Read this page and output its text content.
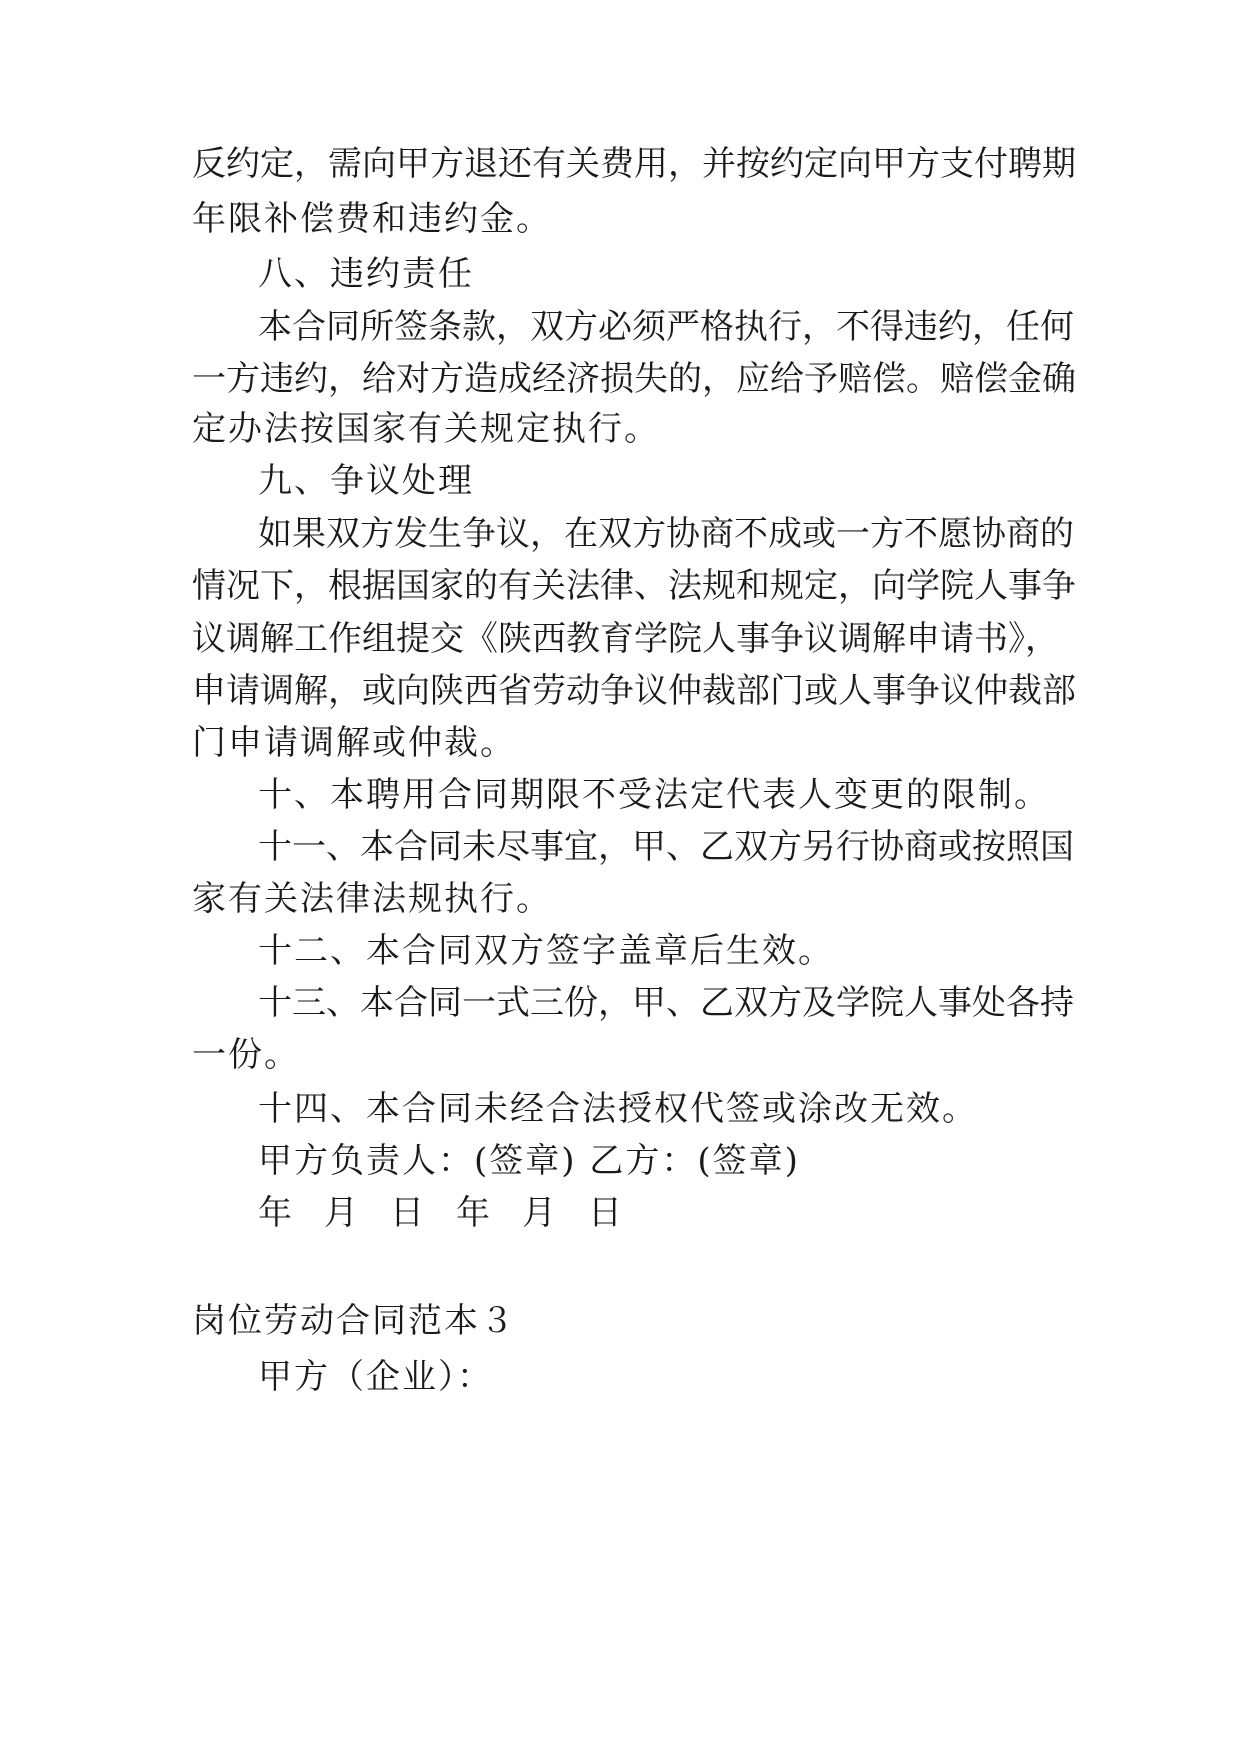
反约定，需向甲方退还有关费用，并按约定向甲方支付聘期
年限补偿费和违约金。
八、违约责任
本合同所签条款，双方必须严格执行，不得违约，任何
一方违约，给对方造成经济损失的，应给予赔偿。赔偿金确
定办法按国家有关规定执行。
九、争议处理
如果双方发生争议，在双方协商不成或一方不愿协商的
情况下，根据国家的有关法律、法规和规定，向学院人事争
议调解工作组提交《陕西教育学院人事争议调解申请书》，
申请调解，或向陕西省劳动争议仲裁部门或人事争议仲裁部
门申请调解或仲裁。
十、本聘用合同期限不受法定代表人变更的限制。
十一、本合同未尽事宜，甲、乙双方另行协商或按照国
家有关法律法规执行。
十二、本合同双方签字盖章后生效。
十三、本合同一式三份，甲、乙双方及学院人事处各持
一份。
十四、本合同未经合法授权代签或涂改无效。
甲方负责人：(签章) 乙方：(签章)
年 月 日 年 月 日
岗位劳动合同范本３
甲方（企业）：
